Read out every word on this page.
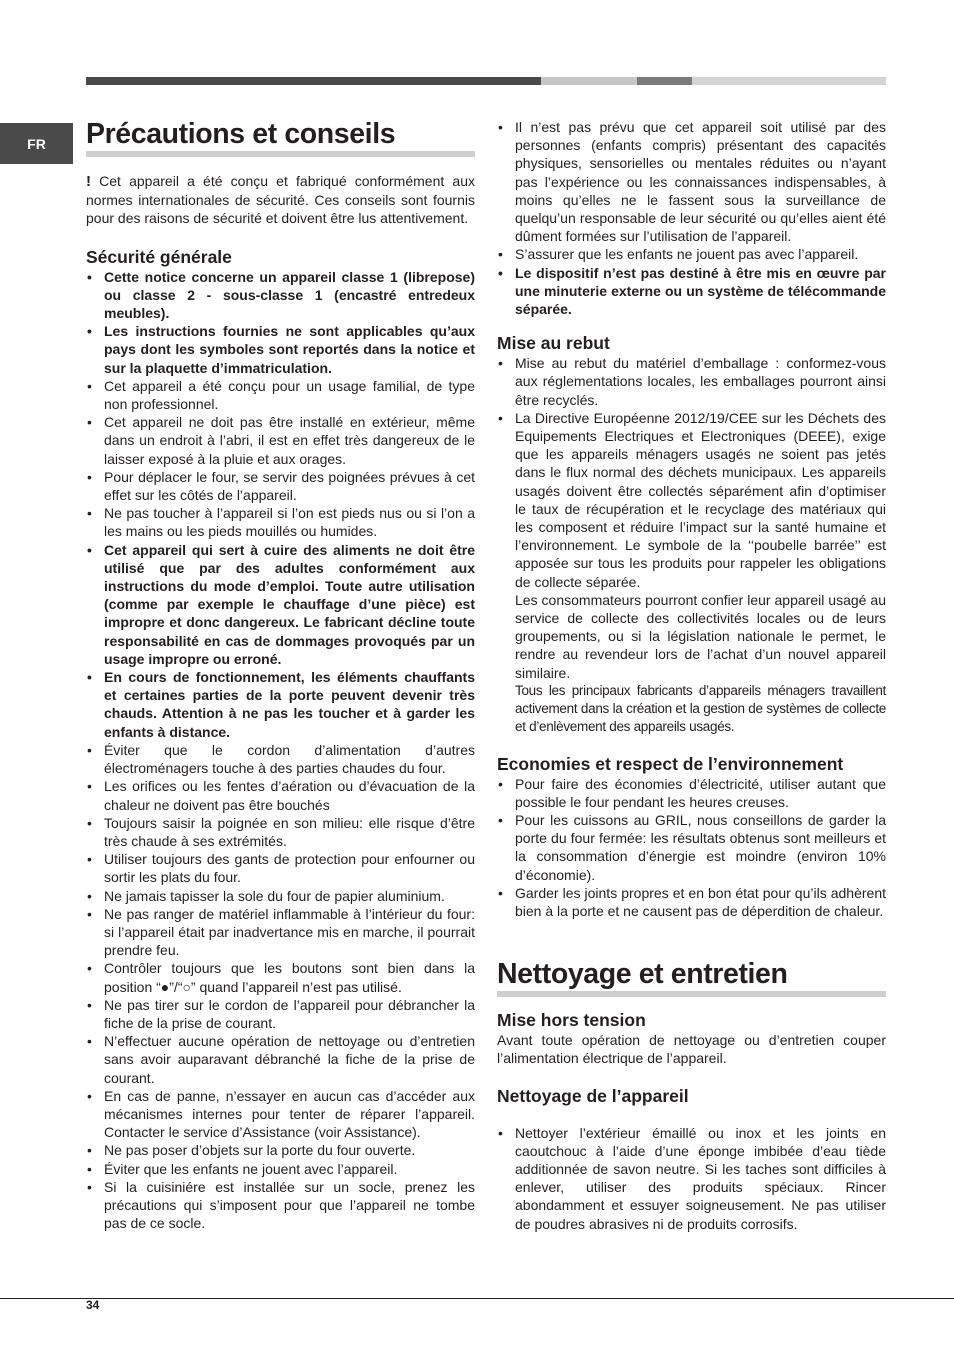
FR	Précautions et conseils

! Cet appareil a été conçu et fabriqué conformément aux normes internationales de sécurité. Ces conseils sont fournis pour des raisons de sécurité et doivent être lus attentivement.

Sécurité générale
• Cette notice concerne un appareil classe 1 (librepose) ou classe 2 - sous-classe 1 (encastré entredeux meubles).
• Les instructions fournies ne sont applicables qu’aux pays dont les symboles sont reportés dans la notice et sur la plaquette d’immatriculation.
• Cet appareil a été conçu pour un usage familial, de type non professionnel.
• Cet appareil ne doit pas être installé en extérieur, même dans un endroit à l’abri, il est en effet très dangereux de le laisser exposé à la pluie et aux orages.
• Pour déplacer le four, se servir des poignées prévues à cet effet sur les côtés de l’appareil.
• Ne pas toucher à l’appareil si l’on est pieds nus ou si l’on a les mains ou les pieds mouillés ou humides.
• Cet appareil qui sert à cuire des aliments ne doit être utilisé que par des adultes conformément aux instructions du mode d’emploi. Toute autre utilisation (comme par exemple le chauffage d’une pièce) est impropre et donc dangereux. Le fabricant décline toute responsabilité en cas de dommages provoqués par un usage impropre ou erroné.
• En cours de fonctionnement, les éléments chauffants et certaines parties de la porte peuvent devenir très chauds. Attention à ne pas les toucher et à garder les enfants à distance.
• Éviter que le cordon d’alimentation d’autres électroménagers touche à des parties chaudes du four.
• Les orifices ou les fentes d’aération ou d’évacuation de la chaleur ne doivent pas être bouchés
• Toujours saisir la poignée en son milieu: elle risque d’être très chaude à ses extrémités.
• Utiliser toujours des gants de protection pour enfourner ou sortir les plats du four.
• Ne jamais tapisser la sole du four de papier aluminium.
• Ne pas ranger de matériel inflammable à l’intérieur du four: si l’appareil était par inadvertance mis en marche, il pourrait prendre feu.
• Contrôler toujours que les boutons sont bien dans la position “●”/“○” quand l’appareil n’est pas utilisé.
• Ne pas tirer sur le cordon de l’appareil pour débrancher la fiche de la prise de courant.
• N’effectuer aucune opération de nettoyage ou d’entretien sans avoir auparavant débranché la fiche de la prise de courant.
• En cas de panne, n’essayer en aucun cas d’accéder aux mécanismes internes pour tenter de réparer l’appareil. Contacter le service d’Assistance (voir Assistance).
• Ne pas poser d’objets sur la porte du four ouverte.
• Éviter que les enfants ne jouent avec l’appareil.
• Si la cuisiniére est installée sur un socle, prenez les précautions qui s’imposent pour que l’appareil ne tombe pas de ce socle.
• Il n’est pas prévu que cet appareil soit utilisé par des personnes (enfants compris) présentant des capacités physiques, sensorielles ou mentales réduites ou n’ayant pas l’expérience ou les connaissances indispensables, à moins qu’elles ne le fassent sous la surveillance de quelqu’un responsable de leur sécurité ou qu’elles aient été dûment formées sur l’utilisation de l’appareil.
• S’assurer que les enfants ne jouent pas avec l’appareil.
• Le dispositif n’est pas destiné à être mis en œuvre par une minuterie externe ou un système de télécommande séparée.
Mise au rebut
• Mise au rebut du matériel d’emballage : conformez-vous aux réglementations locales, les emballages pourront ainsi être recyclés.
• La Directive Européenne 2012/19/CEE sur les Déchets des Equipements Electriques et Electroniques (DEEE), exige que les appareils ménagers usagés ne soient pas jetés dans le flux normal des déchets municipaux. Les appareils usagés doivent être collectés séparément afin d’optimiser le taux de récupération et le recyclage des matériaux qui les composent et réduire l’impact sur la santé humaine et l’environnement. Le symbole de la ‘‘poubelle barrée’’ est apposée sur tous les produits pour rappeler les obligations de collecte séparée.
Les consommateurs pourront confier leur appareil usagé au service de collecte des collectivités locales ou de leurs groupements, ou si la législation nationale le permet, le rendre au revendeur lors de l’achat d’un nouvel appareil similaire.
Tous les principaux fabricants d’appareils ménagers travaillent activement dans la création et la gestion de systèmes de collecte et d’enlèvement des appareils usagés.
Economies et respect de l’environnement
• Pour faire des économies d’électricité, utiliser autant que possible le four pendant les heures creuses.
• Pour les cuissons au GRIL, nous conseillons de garder la porte du four fermée: les résultats obtenus sont meilleurs et la consommation d’énergie est moindre (environ 10% d’économie).
• Garder les joints propres et en bon état pour qu’ils adhèrent bien à la porte et ne causent pas de déperdition de chaleur.
Nettoyage et entretien
Mise hors tension

Avant toute opération de nettoyage ou d’entretien couper l’alimentation électrique de l’appareil.

Nettoyage de l’appareil
• Nettoyer l’extérieur émaillé ou inox et les joints en caoutchouc à l’aide d’une éponge imbibée d’eau tiède additionnée de savon neutre. Si les taches sont difficiles à enlever, utiliser des produits spéciaux. Rincer abondamment et essuyer soigneusement. Ne pas utiliser de poudres abrasives ni de produits corrosifs.
34
